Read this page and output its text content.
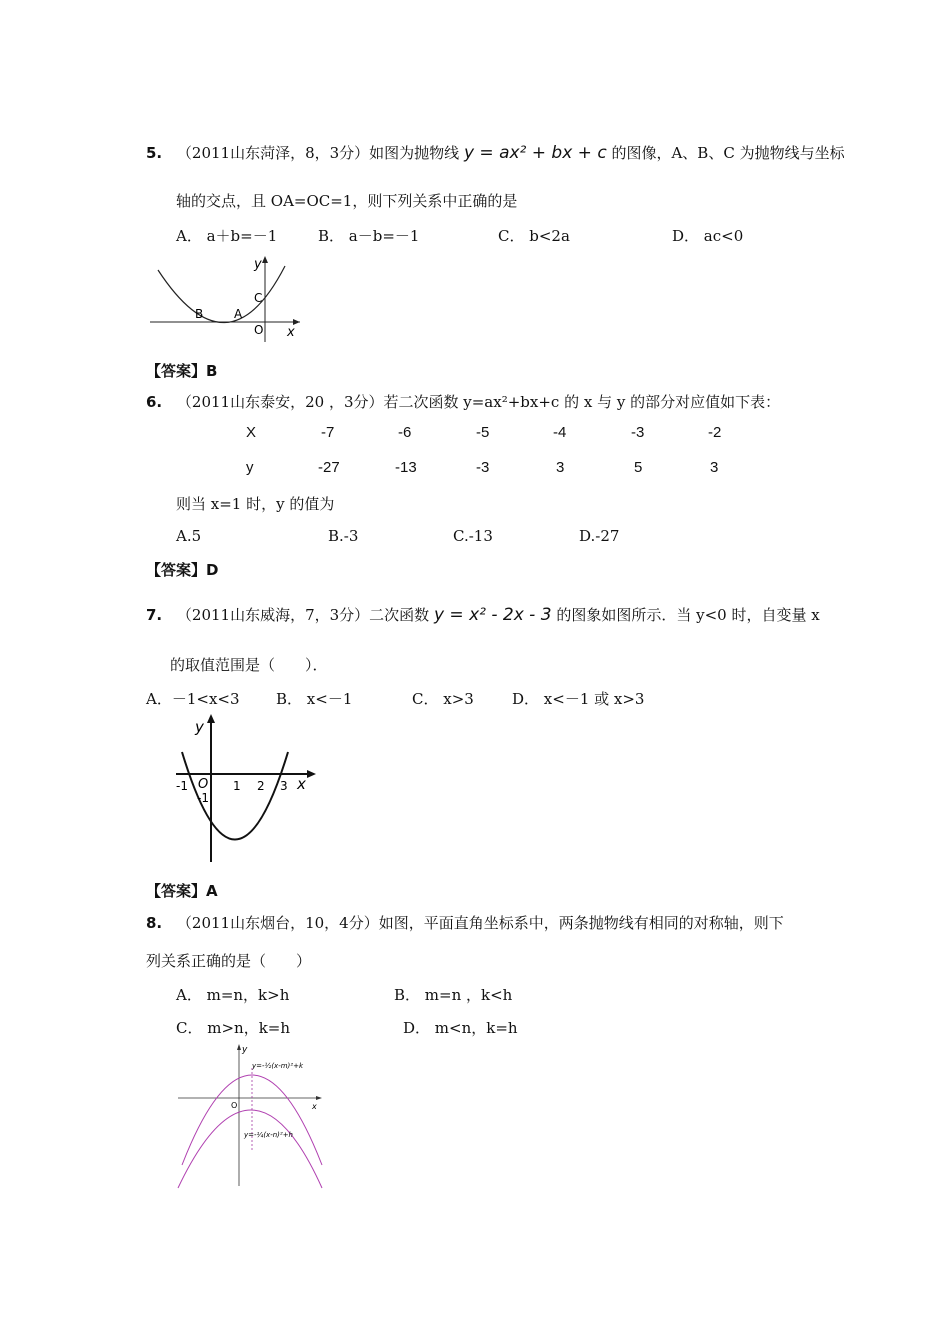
5. （2011山东菏泽，8，3分）如图为抛物线 y = ax² + bx + c 的图像，A、B、C 为抛物线与坐标
轴的交点，且 OA=OC=1，则下列关系中正确的是
A． a＋b=－1	B． a－b=－1	C． b<2a	D． ac<0
y
x
B	A
C
O
【答案】B
6. （2011山东泰安，20 ，3分）若二次函数 y=ax²+bx+c 的 x 与 y 的部分对应值如下表：
X	-7	-6	-5	-4	-3	-2
y	-27	-13	-3	3	5	3
则当 x=1 时，y 的值为
A.5	B.-3	C.-13	D.-27
【答案】D
7. （2011山东威海，7，3分）二次函数 y = x² - 2x - 3 的图象如图所示．当 y<0 时，自变量 x
的取值范围是（　　）．
A．－1<x<3 B． x<－1	C． x>3	D． x<－1 或 x>3
y
x
O
-1
-1
1 2 3
【答案】A
8. （2011山东烟台，10，4分）如图，平面直角坐标系中，两条抛物线有相同的对称轴，则下
列关系正确的是（　　）
A． m=n，k>h	B． m=n ，k<h
C． m>n，k=h	D． m<n，k=h
y
x
O
y=-½(x-m)²+k
y=-¼(x-n)²+h
